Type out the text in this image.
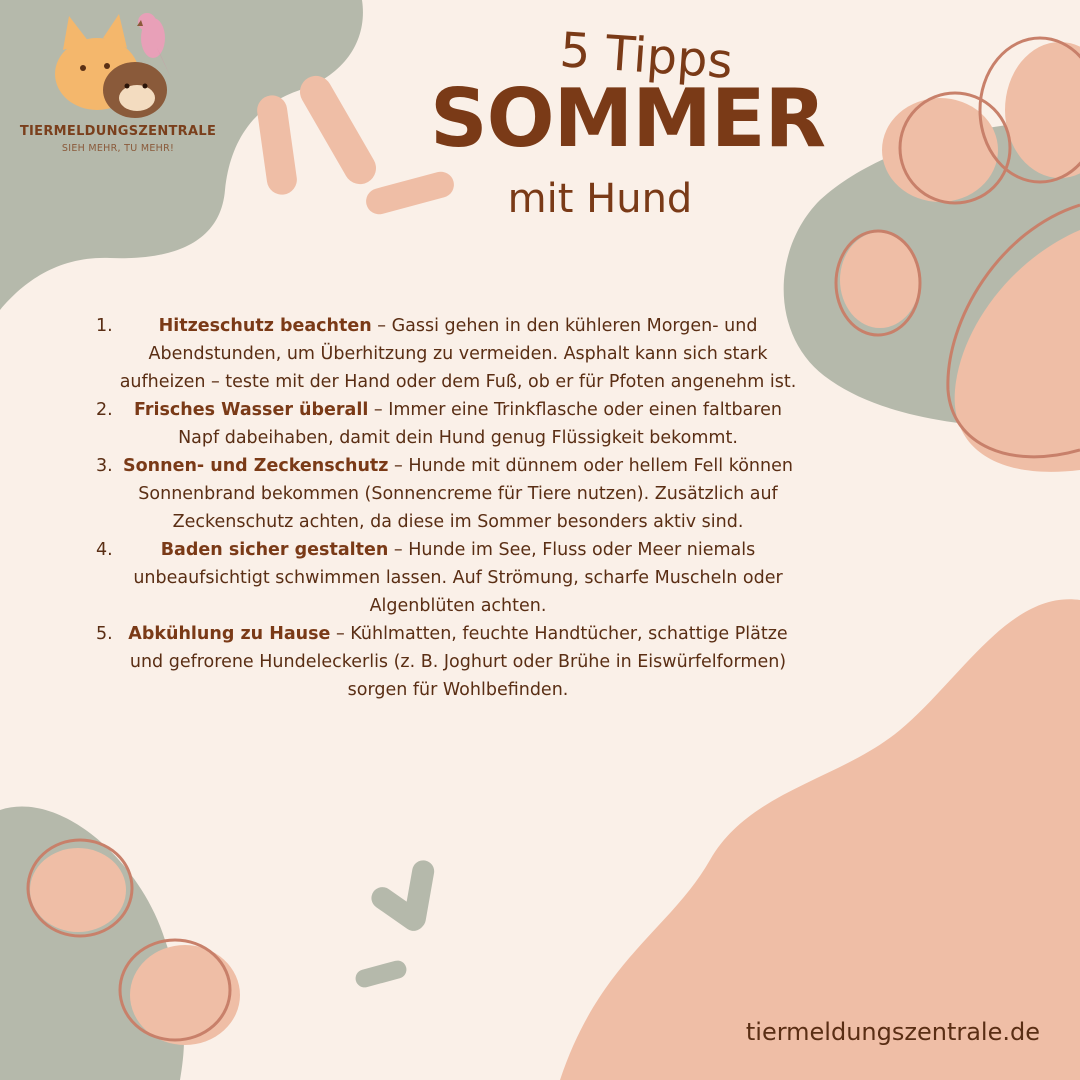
TIERMELDUNGSZENTRALE
SIEH MEHR, TU MEHR!
5 Tipps
SOMMER
mit Hund
1.	Hitzeschutz beachten – Gassi gehen in den kühleren Morgen- und Abendstunden, um Überhitzung zu vermeiden. Asphalt kann sich stark aufheizen – teste mit der Hand oder dem Fuß, ob er für Pfoten angenehm ist.
2. Frisches Wasser überall – Immer eine Trinkflasche oder einen faltbaren Napf dabeihaben, damit dein Hund genug Flüssigkeit bekommt.
3. Sonnen- und Zeckenschutz – Hunde mit dünnem oder hellem Fell können Sonnenbrand bekommen (Sonnencreme für Tiere nutzen). Zusätzlich auf Zeckenschutz achten, da diese im Sommer besonders aktiv sind.
4.	Baden sicher gestalten – Hunde im See, Fluss oder Meer niemals unbeaufsichtigt schwimmen lassen. Auf Strömung, scharfe Muscheln oder Algenblüten achten.
5. Abkühlung zu Hause – Kühlmatten, feuchte Handtücher, schattige Plätze und gefrorene Hundeleckerlis (z. B. Joghurt oder Brühe in Eiswürfelformen) sorgen für Wohlbefinden.
tiermeldungszentrale.de
